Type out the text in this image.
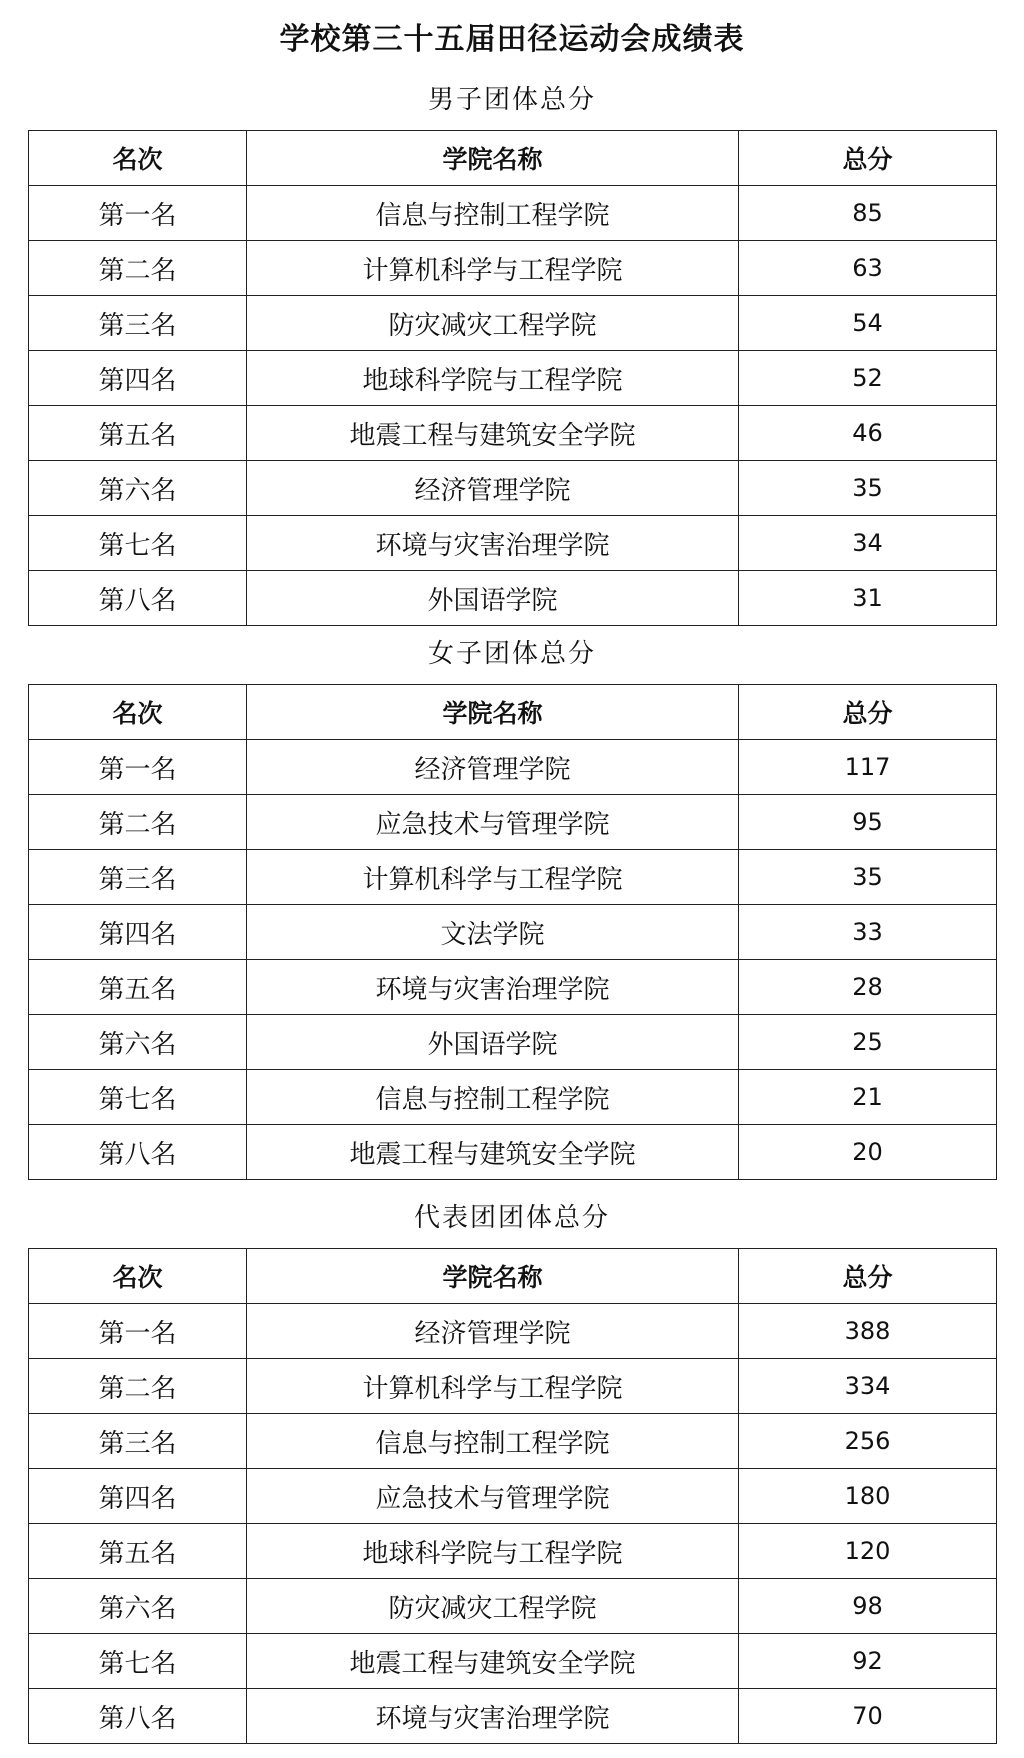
学校第三十五届田径运动会成绩表
男子团体总分
名次	学院名称	总分
第一名	信息与控制工程学院	85
第二名	计算机科学与工程学院	63
第三名	防灾减灾工程学院	54
第四名	地球科学院与工程学院	52
第五名	地震工程与建筑安全学院	46
第六名	经济管理学院	35
第七名	环境与灾害治理学院	34
第八名	外国语学院	31
女子团体总分
名次	学院名称	总分
第一名	经济管理学院	117
第二名	应急技术与管理学院	95
第三名	计算机科学与工程学院	35
第四名	文法学院	33
第五名	环境与灾害治理学院	28
第六名	外国语学院	25
第七名	信息与控制工程学院	21
第八名	地震工程与建筑安全学院	20
代表团团体总分
名次	学院名称	总分
第一名	经济管理学院	388
第二名	计算机科学与工程学院	334
第三名	信息与控制工程学院	256
第四名	应急技术与管理学院	180
第五名	地球科学院与工程学院	120
第六名	防灾减灾工程学院	98
第七名	地震工程与建筑安全学院	92
第八名	环境与灾害治理学院	70
